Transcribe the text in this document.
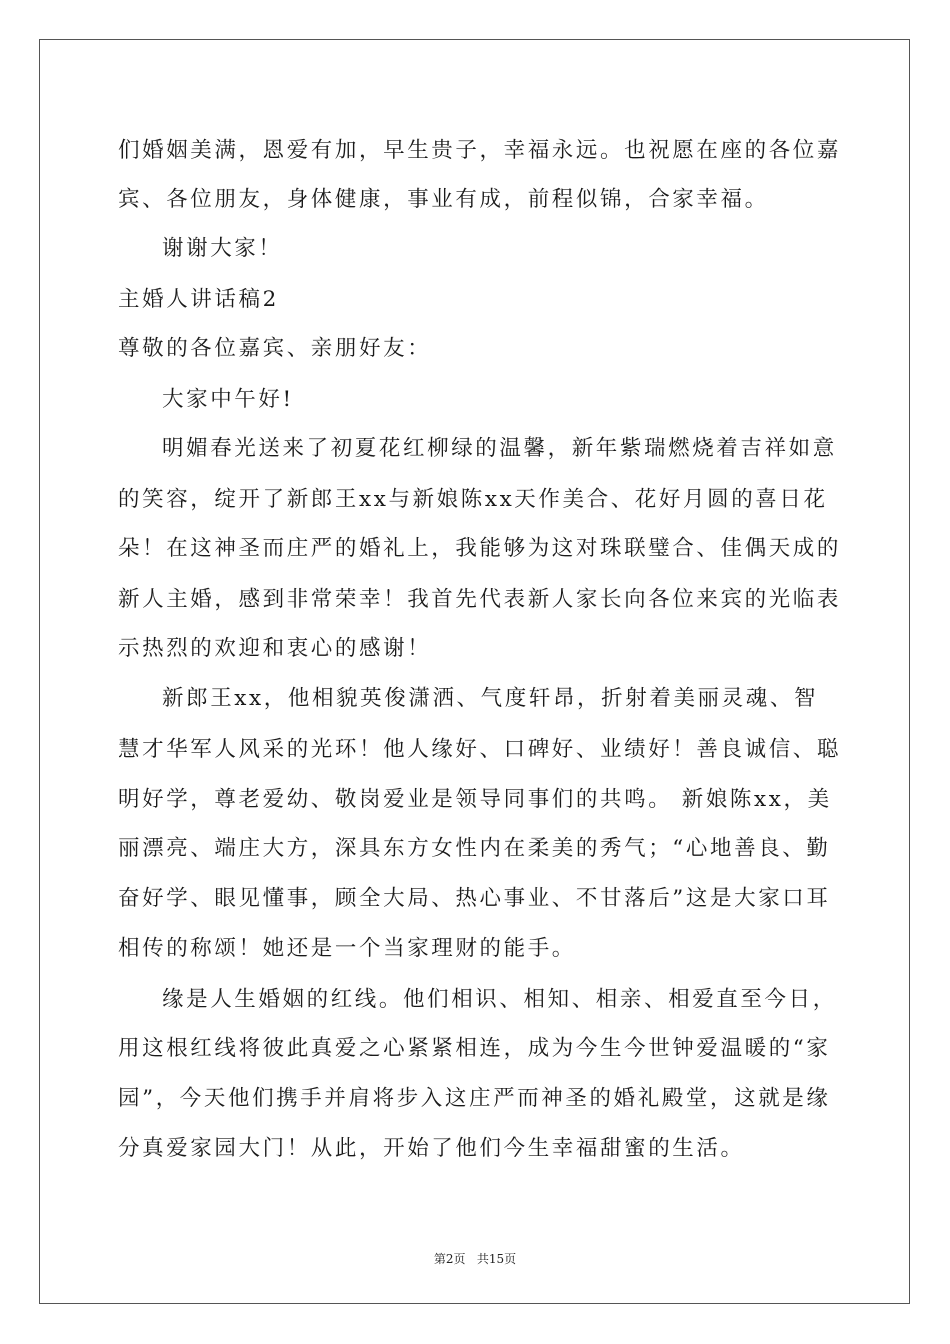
们婚姻美满，恩爱有加，早生贵子，幸福永远。也祝愿在座的各位嘉
宾、各位朋友，身体健康，事业有成，前程似锦，合家幸福。
谢谢大家！
主婚人讲话稿2
尊敬的各位嘉宾、亲朋好友：
大家中午好!
明媚春光送来了初夏花红柳绿的温馨，新年紫瑞燃烧着吉祥如意
的笑容，绽开了新郎王xx与新娘陈xx天作美合、花好月圆的喜日花
朵！在这神圣而庄严的婚礼上，我能够为这对珠联璧合、佳偶天成的
新人主婚，感到非常荣幸！我首先代表新人家长向各位来宾的光临表
示热烈的欢迎和衷心的感谢！
新郎王xx，他相貌英俊潇洒、气度轩昂，折射着美丽灵魂、智
慧才华军人风采的光环！他人缘好、口碑好、业绩好！善良诚信、聪
明好学，尊老爱幼、敬岗爱业是领导同事们的共鸣。 新娘陈xx，美
丽漂亮、端庄大方，深具东方女性内在柔美的秀气；“心地善良、勤
奋好学、眼见懂事，顾全大局、热心事业、不甘落后”这是大家口耳
相传的称颂！她还是一个当家理财的能手。
缘是人生婚姻的红线。他们相识、相知、相亲、相爱直至今日，
用这根红线将彼此真爱之心紧紧相连，成为今生今世钟爱温暖的“家
园”，今天他们携手并肩将步入这庄严而神圣的婚礼殿堂，这就是缘
分真爱家园大门！从此，开始了他们今生幸福甜蜜的生活。
第2页   共15页
